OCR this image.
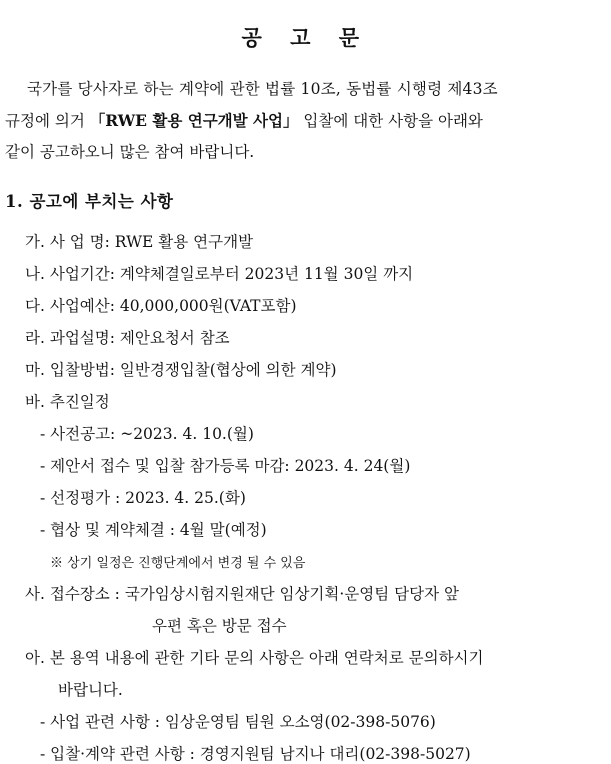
공 고 문
국가를 당사자로 하는 계약에 관한 법률 10조, 동법률 시행령 제43조
규정에 의거 「RWE 활용 연구개발 사업」 입찰에 대한 사항을 아래와
같이 공고하오니 많은 참여 바랍니다.
1. 공고에 부치는 사항
가. 사 업 명: RWE 활용 연구개발
나. 사업기간: 계약체결일로부터 2023년 11월 30일 까지
다. 사업예산: 40,000,000원(VAT포함)
라. 과업설명: 제안요청서 참조
마. 입찰방법: 일반경쟁입찰(협상에 의한 계약)
바. 추진일정
- 사전공고: ~2023. 4. 10.(월)
- 제안서 접수 및 입찰 참가등록 마감: 2023. 4. 24(월)
- 선정평가 : 2023. 4. 25.(화)
- 협상 및 계약체결 : 4월 말(예정)
※ 상기 일정은 진행단계에서 변경 될 수 있음
사. 접수장소 : 국가임상시험지원재단 임상기획·운영팀 담당자 앞
우편 혹은 방문 접수
아. 본 용역 내용에 관한 기타 문의 사항은 아래 연락처로 문의하시기
바랍니다.
- 사업 관련 사항 : 임상운영팀 팀원 오소영(02-398-5076)
- 입찰·계약 관련 사항 : 경영지원팀 남지나 대리(02-398-5027)
